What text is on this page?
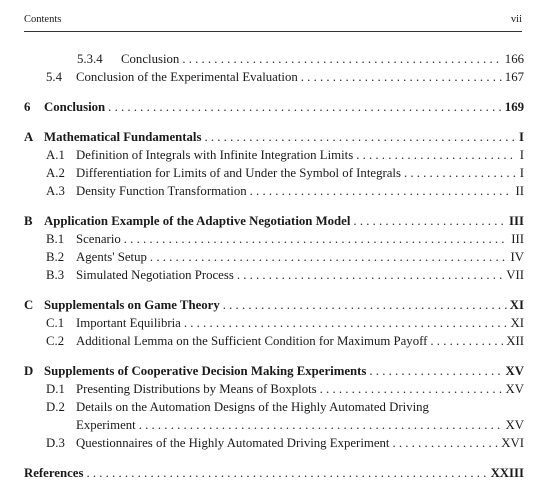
Contents	vii
5.3.4	Conclusion . . .	166
5.4	Conclusion of the Experimental Evaluation . . .	167
6	Conclusion . . .	169
A Mathematical Fundamentals . . .	I
A.1 Definition of Integrals with Infinite Integration Limits . . .	I
A.2 Differentiation for Limits of and Under the Symbol of Integrals . . .	I
A.3 Density Function Transformation . . .	II
B Application Example of the Adaptive Negotiation Model . . .	III
B.1 Scenario . . .	III
B.2 Agents' Setup . . .	IV
B.3 Simulated Negotiation Process . . .	VII
C Supplementals on Game Theory . . .	XI
C.1 Important Equilibria . . .	XI
C.2 Additional Lemma on the Sufficient Condition for Maximum Payoff . . .	XII
D Supplements of Cooperative Decision Making Experiments . . .	XV
D.1 Presenting Distributions by Means of Boxplots . . .	XV
D.2 Details on the Automation Designs of the Highly Automated Driving
Experiment . . .	XV
D.3 Questionnaires of the Highly Automated Driving Experiment . . .	XVI
References . . .	XXIII
